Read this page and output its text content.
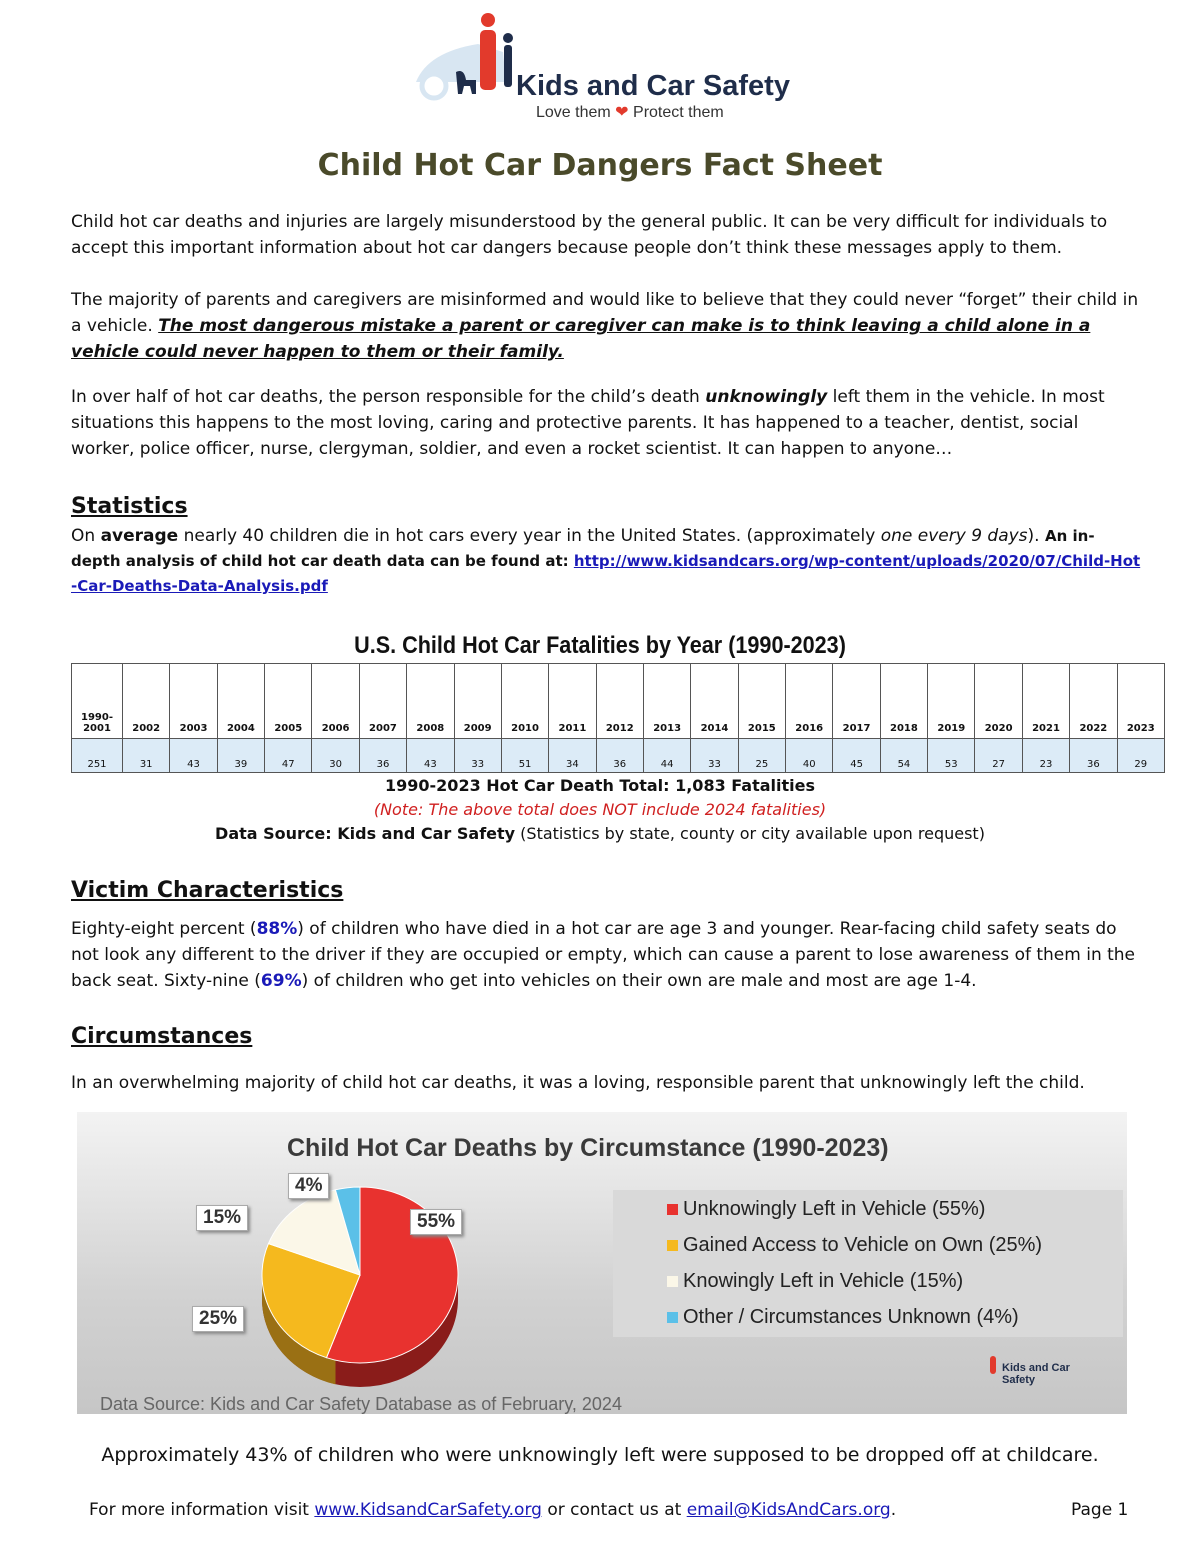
Kids and Car Safety
Love them ❤ Protect them
Child Hot Car Dangers Fact Sheet

Child hot car deaths and injuries are largely misunderstood by the general public. It can be very difficult for individuals to accept this important information about hot car dangers because people don’t think these messages apply to them.

The majority of parents and caregivers are misinformed and would like to believe that they could never “forget” their child in a vehicle. The most dangerous mistake a parent or caregiver can make is to think leaving a child alone in a vehicle could never happen to them or their family.

In over half of hot car deaths, the person responsible for the child’s death unknowingly left them in the vehicle. In most situations this happens to the most loving, caring and protective parents. It has happened to a teacher, dentist, social worker, police officer, nurse, clergyman, soldier, and even a rocket scientist. It can happen to anyone…

Statistics

On average nearly 40 children die in hot cars every year in the United States. (approximately one every 9 days). An in-depth analysis of child hot car death data can be found at: http://www.kidsandcars.org/wp-content/uploads/2020/07/Child-Hot-Car-Deaths-Data-Analysis.pdf

U.S. Child Hot Car Fatalities by Year (1990-2023)
1990-2001	2002	2003	2004	2005	2006	2007	2008	2009	2010	2011	2012	2013	2014	2015	2016	2017	2018	2019	2020	2021	2022	2023
251	31	43	39	47	30	36	43	33	51	34	36	44	33	25	40	45	54	53	27	23	36	29

1990-2023 Hot Car Death Total: 1,083 Fatalities

(Note: The above total does NOT include 2024 fatalities)

Data Source: Kids and Car Safety (Statistics by state, county or city available upon request)

Victim Characteristics

Eighty-eight percent (88%) of children who have died in a hot car are age 3 and younger. Rear-facing child safety seats do not look any different to the driver if they are occupied or empty, which can cause a parent to lose awareness of them in the back seat. Sixty-nine (69%) of children who get into vehicles on their own are male and most are age 1-4.

Circumstances

In an overwhelming majority of child hot car deaths, it was a loving, responsible parent that unknowingly left the child.

Child Hot Car Deaths by Circumstance (1990-2023)
Data Source: Kids and Car Safety Database as of February, 2024
4%
15%	55%
25%
Unknowingly Left in Vehicle (55%)
Gained Access to Vehicle on Own (25%)
Knowingly Left in Vehicle (15%)
Other / Circumstances Unknown (4%)
Kids and Car Safety

Approximately 43% of children who were unknowingly left were supposed to be dropped off at childcare.

For more information visit www.KidsandCarSafety.org or contact us at email@KidsAndCars.org.	Page 1
